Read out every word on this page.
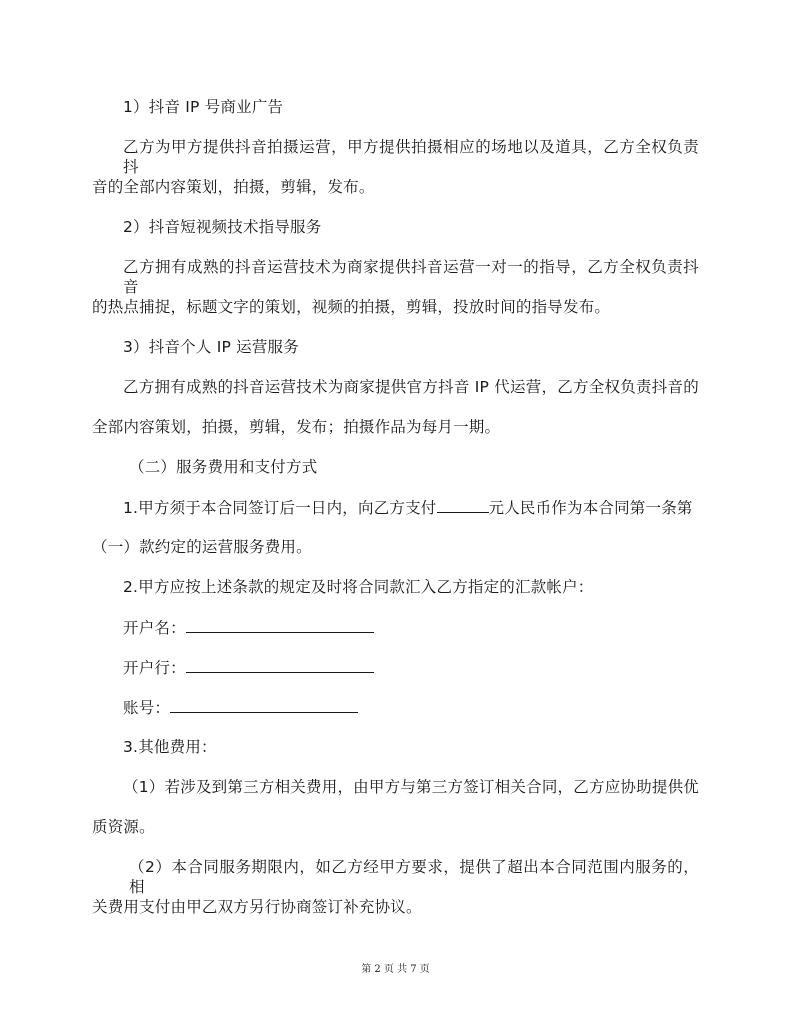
1）抖音 IP 号商业广告
乙方为甲方提供抖音拍摄运营，甲方提供拍摄相应的场地以及道具，乙方全权负责抖
音的全部内容策划，拍摄，剪辑，发布。
2）抖音短视频技术指导服务
乙方拥有成熟的抖音运营技术为商家提供抖音运营一对一的指导，乙方全权负责抖音
的热点捕捉，标题文字的策划，视频的拍摄，剪辑，投放时间的指导发布。
3）抖音个人 IP 运营服务
乙方拥有成熟的抖音运营技术为商家提供官方抖音 IP 代运营，乙方全权负责抖音的
全部内容策划，拍摄，剪辑，发布；拍摄作品为每月一期。
（二）服务费用和支付方式
1.甲方须于本合同签订后一日内，向乙方支付	元人民币作为本合同第一条第
（一）款约定的运营服务费用。
2.甲方应按上述条款的规定及时将合同款汇入乙方指定的汇款帐户：
开户名：
开户行：
账号：
3.其他费用：
（1）若涉及到第三方相关费用，由甲方与第三方签订相关合同，乙方应协助提供优
质资源。
（2）本合同服务期限内，如乙方经甲方要求，提供了超出本合同范围内服务的，相
关费用支付由甲乙双方另行协商签订补充协议。
第 2 页 共 7 页
